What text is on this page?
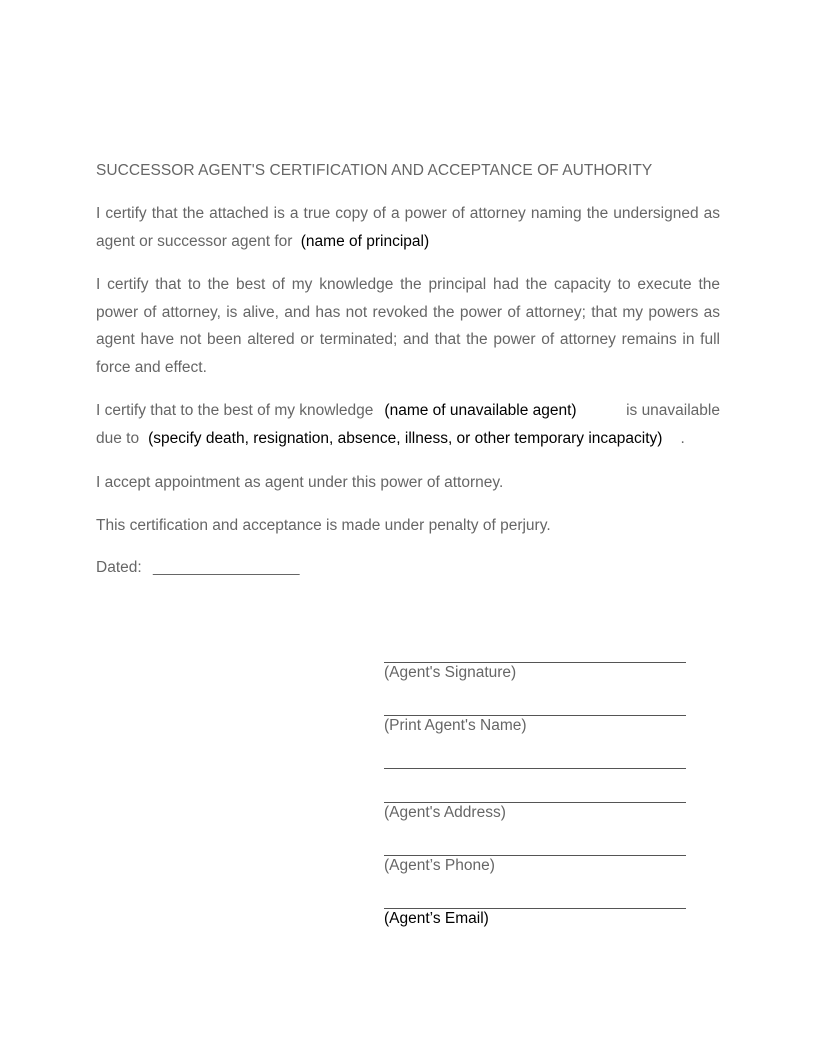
SUCCESSOR AGENT'S CERTIFICATION AND ACCEPTANCE OF AUTHORITY
I certify that the attached is a true copy of a power of attorney naming the undersigned as agent or successor agent for (name of principal)
I certify that to the best of my knowledge the principal had the capacity to execute the power of attorney, is alive, and has not revoked the power of attorney; that my powers as agent have not been altered or terminated; and that the power of attorney remains in full force and effect.
I certify that to the best of my knowledge (name of unavailable agent)	is unavailable
due to (specify death, resignation, absence, illness, or other temporary incapacity) .
I accept appointment as agent under this power of attorney.
This certification and acceptance is made under penalty of perjury.
Dated: _________________
(Agent's Signature)
(Print Agent's Name)
(Agent's Address)
(Agent’s Phone)
(Agent’s Email)
